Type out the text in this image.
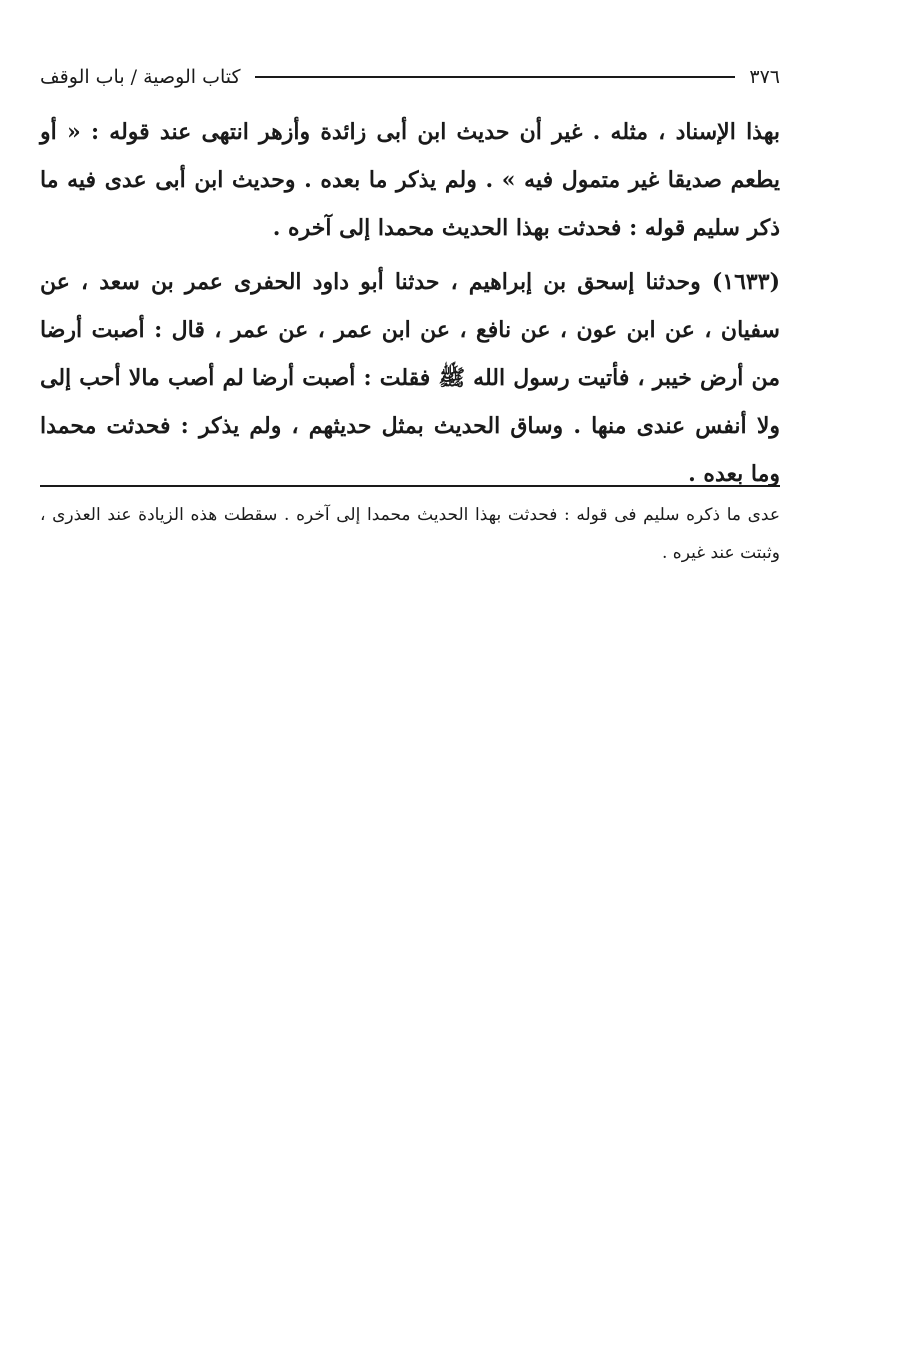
٣٧٦
كتاب الوصية / باب الوقف

بهذا الإسناد ، مثله . غير أن حديث ابن أبى زائدة وأزهر انتهى عند قوله : « أو يطعم صديقا غير متمول فيه » . ولم يذكر ما بعده . وحديث ابن أبى عدى فيه ما ذكر سليم قوله : فحدثت بهذا الحديث محمدا إلى آخره .

(١٦٣٣) وحدثنا إسحق بن إبراهيم ، حدثنا أبو داود الحفرى عمر بن سعد ، عن سفيان ، عن ابن عون ، عن نافع ، عن ابن عمر ، عن عمر ، قال : أصبت أرضا من أرض خيبر ، فأتيت رسول الله ﷺ فقلت : أصبت أرضا لم أصب مالا أحب إلى ولا أنفس عندى منها . وساق الحديث بمثل حديثهم ، ولم يذكر : فحدثت محمدا وما بعده .

عدى ما ذكره سليم فى قوله : فحدثت بهذا الحديث محمدا إلى آخره . سقطت هذه الزيادة عند العذرى ، وثبتت عند غيره .
